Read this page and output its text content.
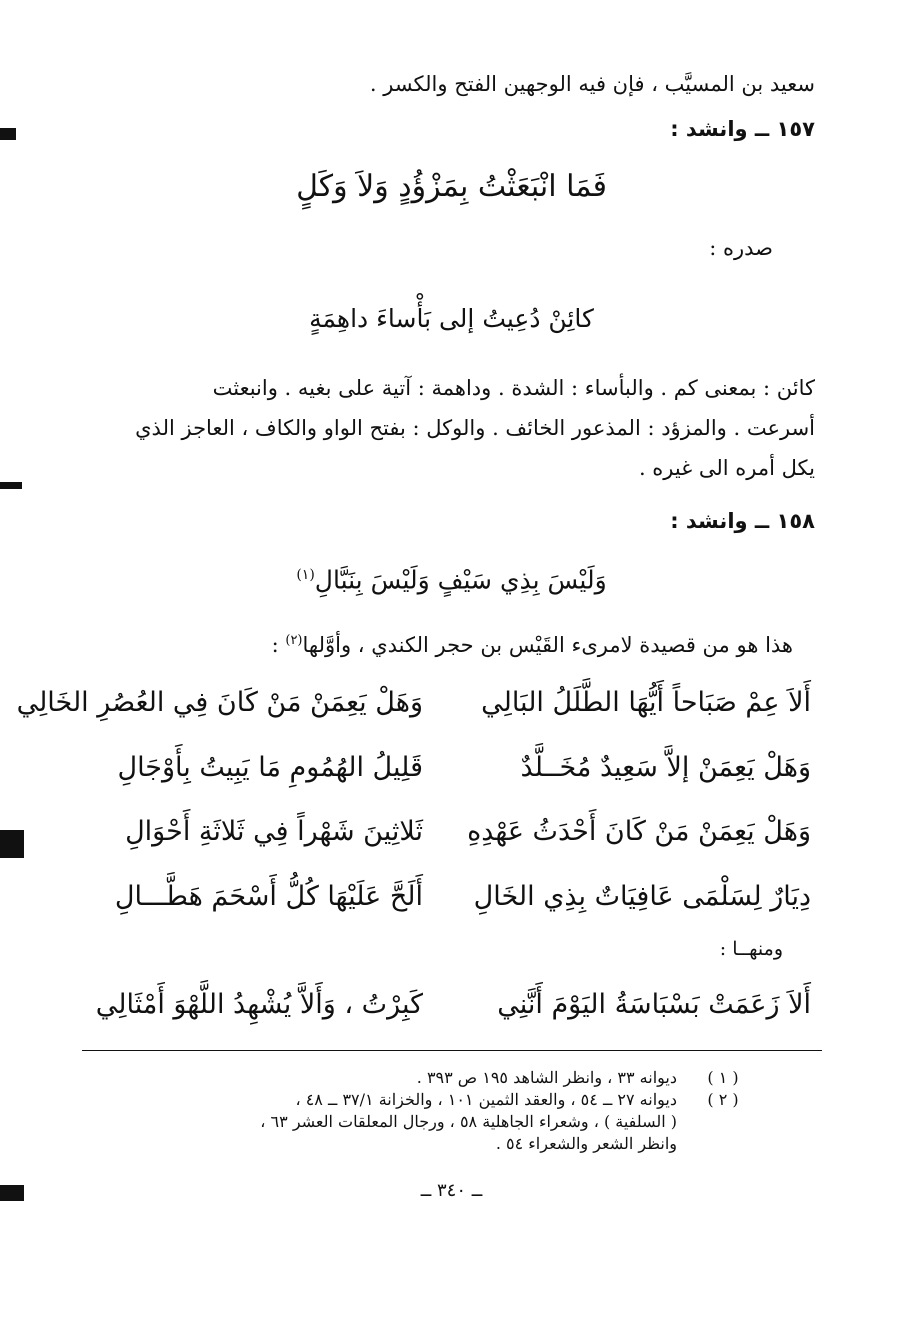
سعيد بن المسيَّب ، فإن فيه الوجهين الفتح والكسر .
١٥٧ ــ وانشد :
فَمَا انْبَعَثْتُ بِمَزْؤُدٍ وَلاَ وَكَلٍ
صدره :
كائِنْ دُعِيتُ إلى بَأْساءَ داهِمَةٍ
كائن : بمعنى كم . والبأساء : الشدة . وداهمة : آتية على بغيه . وانبعثت
أسرعت . والمزؤد : المذعور الخائف . والوكل : بفتح الواو والكاف ، العاجز الذي
يكل أمره الى غيره .
١٥٨ ــ وانشد :
وَلَيْسَ بِذِي سَيْفٍ وَلَيْسَ بِنَبَّالِ$^{(١)}$
هذا هو من قصيدة لامرىء القَيْس بن حجر الكندي ، وأوَّلها$^{(٢)}$ :
أَلاَ عِمْ صَبَاحاً أَيُّهَا الطَّلَلُ البَالِي
وَهَلْ يَعِمَنْ مَنْ كَانَ فِي العُصُرِ الخَالِي
وَهَلْ يَعِمَنْ إلاَّ سَعِيدٌ مُخَــلَّدٌ
قَلِيلُ الهُمُومِ مَا يَبِيتُ بِأَوْجَالِ
وَهَلْ يَعِمَنْ مَنْ كَانَ أَحْدَثُ عَهْدِهِ
ثَلاثِينَ شَهْراً فِي ثَلاثَةِ أَحْوَالِ
دِيَارٌ لِسَلْمَى عَافِيَاتٌ بِذِي الخَالِ
أَلَحَّ عَلَيْهَا كُلُّ أَسْحَمَ هَطَّـــالِ
ومنهــا :
أَلاَ زَعَمَتْ بَسْبَاسَةُ اليَوْمَ أَنَّنِي
كَبِرْتُ ، وَأَلاَّ يُشْهِدُ اللَّهْوَ أَمْثَالِي
( ١ )
ديوانه ٣٣ ، وانظر الشاهد ١٩٥ ص ٣٩٣ .
( ٢ )
ديوانه ٢٧ ــ ٥٤ ، والعقد الثمين ١٠١ ، والخزانة ٣٧/١ ــ ٤٨ ،
( السلفية ) ، وشعراء الجاهلية ٥٨ ، ورجال المعلقات العشر ٦٣ ،
وانظر الشعر والشعراء ٥٤ .
ــ ٣٤٠ ــ
